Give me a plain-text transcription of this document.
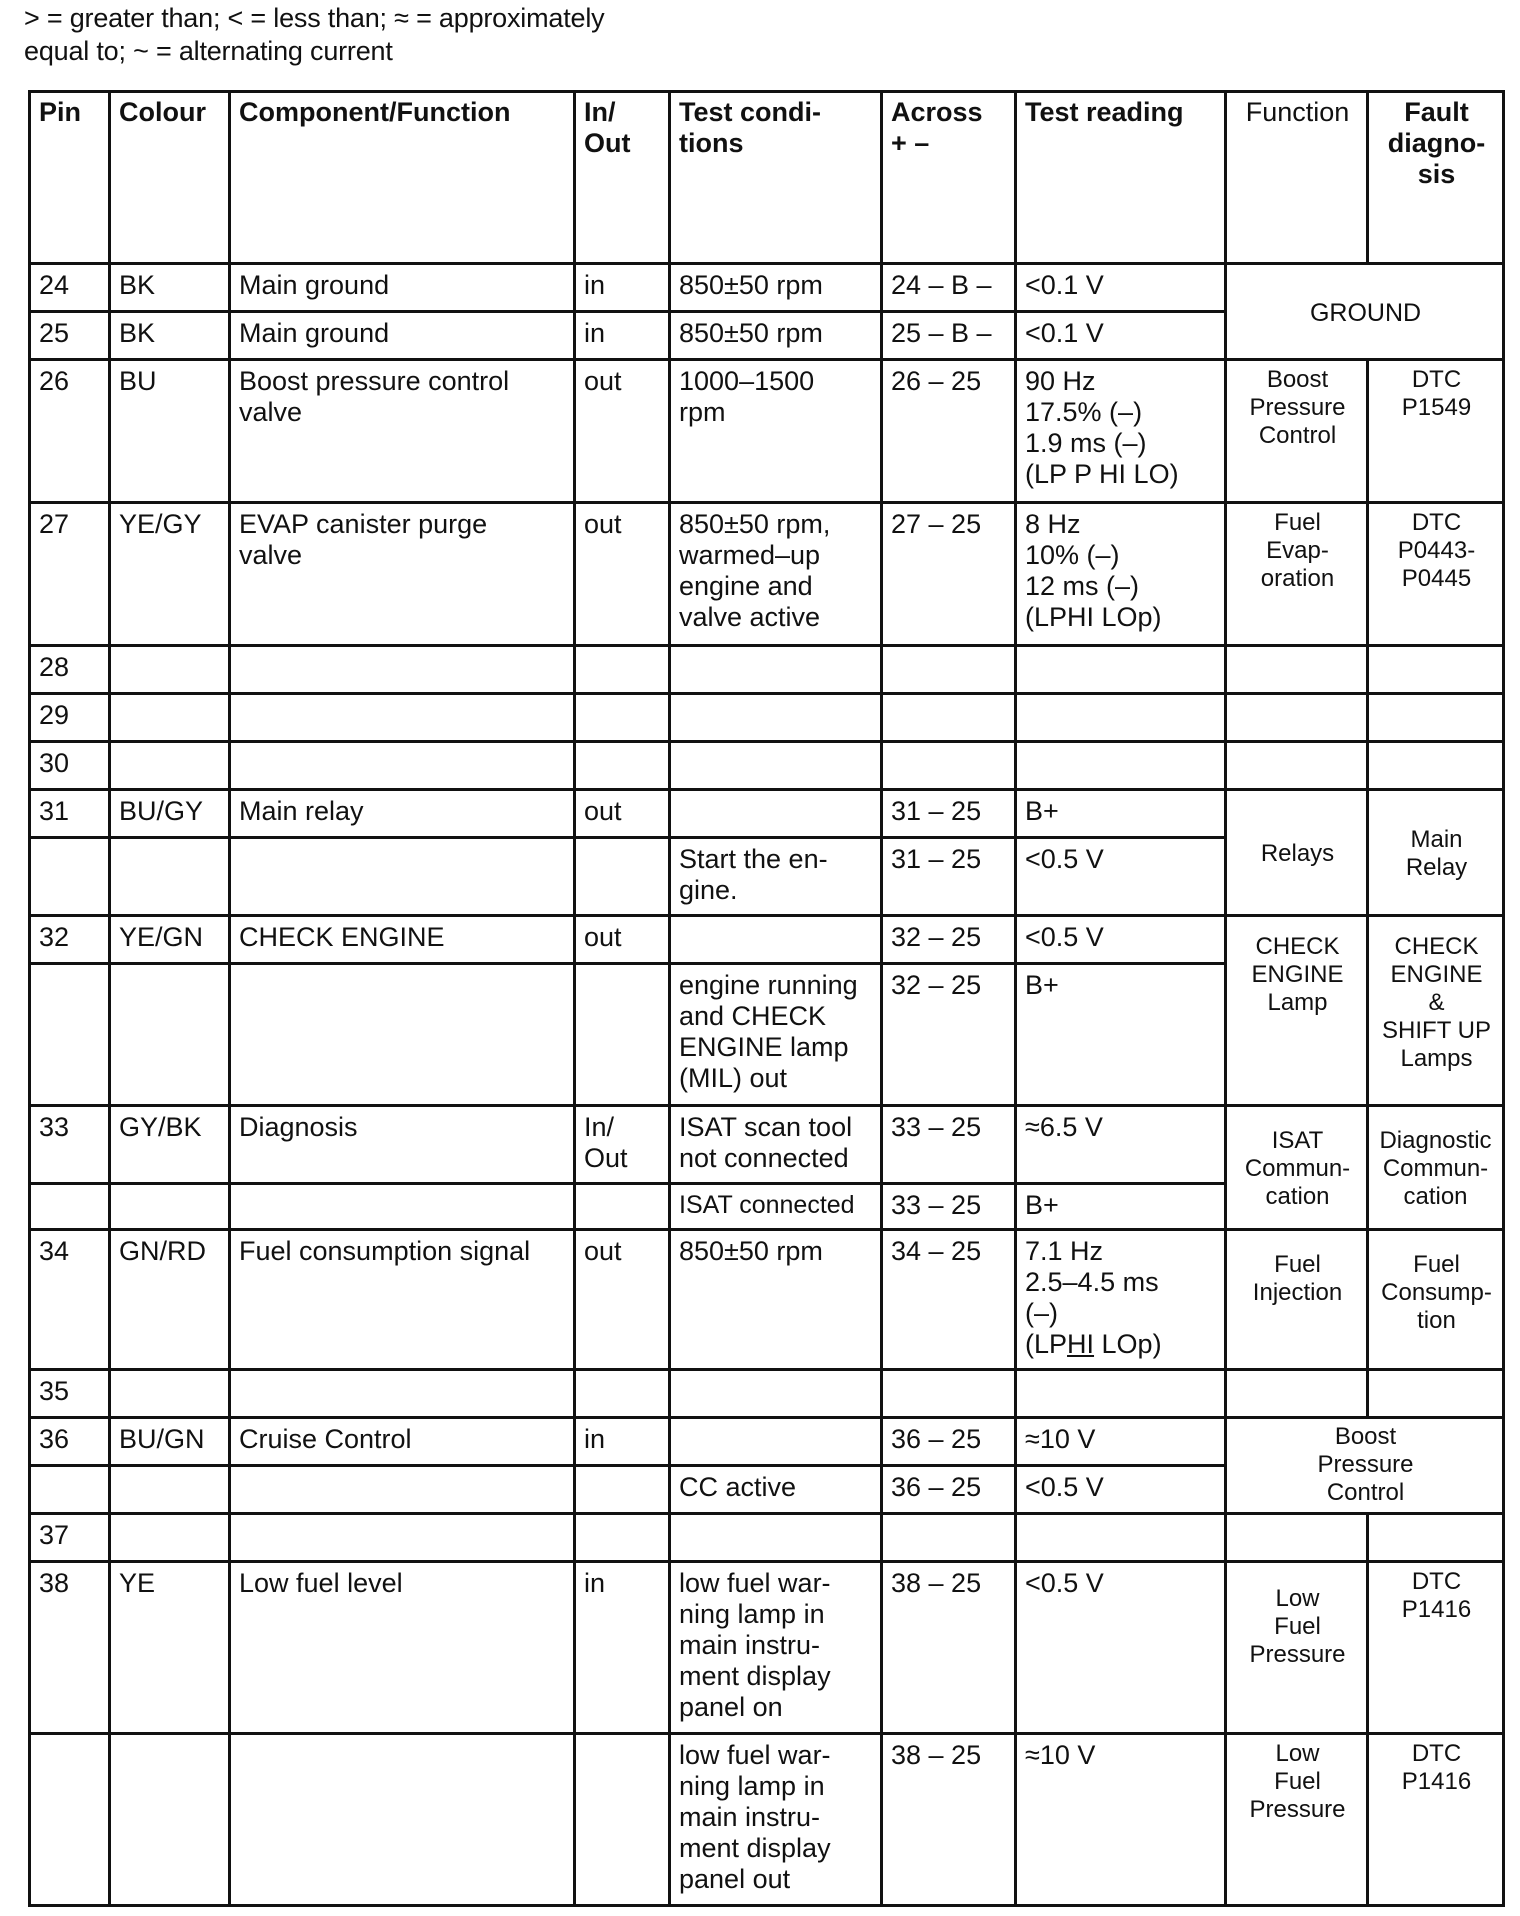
> = greater than; < = less than; ≈ = approximately
equal to; ~ = alternating current
Pin	Colour	Component/Function	In/
Out	Test condi-
tions	Across
+ –	Test reading	Function	Fault
diagno-
sis
24	BK	Main ground	in	850±50 rpm	24 – B –	<0.1 V	GROUND	
25	BK	Main ground	in	850±50 rpm	25 – B –	<0.1 V		
26	BU	Boost pressure control
valve	out	1000–1500
rpm	26 – 25	90 Hz
17.5% (–)
1.9 ms (–)
(LP P HI LO)	Boost
Pressure
Control	DTC
P1549
27	YE/GY	EVAP canister purge
valve	out	850±50 rpm,
warmed–up
engine and
valve active	27 – 25	8 Hz
10% (–)
12 ms (–)
(LPHI LOp)	Fuel
Evap-
oration	DTC
P0443-
P0445
28								
29								
30								
31	BU/GY	Main relay	out		31 – 25	B+	Relays	Main
Relay
				Start the en-
gine.	31 – 25	<0.5 V		
32	YE/GN	CHECK ENGINE	out		32 – 25	<0.5 V	CHECK
ENGINE
Lamp	CHECK
ENGINE
&
SHIFT UP
Lamps
				engine running
and CHECK
ENGINE lamp
(MIL) out	32 – 25	B+		
33	GY/BK	Diagnosis	In/
Out	ISAT scan tool
not connected	33 – 25	≈6.5 V	ISAT
Commun-
cation	Diagnostic
Commun-
cation
				ISAT connected	33 – 25	B+		
34	GN/RD	Fuel consumption signal	out	850±50 rpm	34 – 25	7.1 Hz
2.5–4.5 ms
(–)
(LPHI LOp)	Fuel
Injection	Fuel
Consump-
tion
35								
36	BU/GN	Cruise Control	in		36 – 25	≈10 V	Boost
Pressure
Control	
				CC active	36 – 25	<0.5 V		
37								
38	YE	Low fuel level	in	low fuel war-
ning lamp in
main instru-
ment display
panel on	38 – 25	<0.5 V	Low
Fuel
Pressure	DTC
P1416
				low fuel war-
ning lamp in
main instru-
ment display
panel out	38 – 25	≈10 V	Low
Fuel
Pressure	DTC
P1416
